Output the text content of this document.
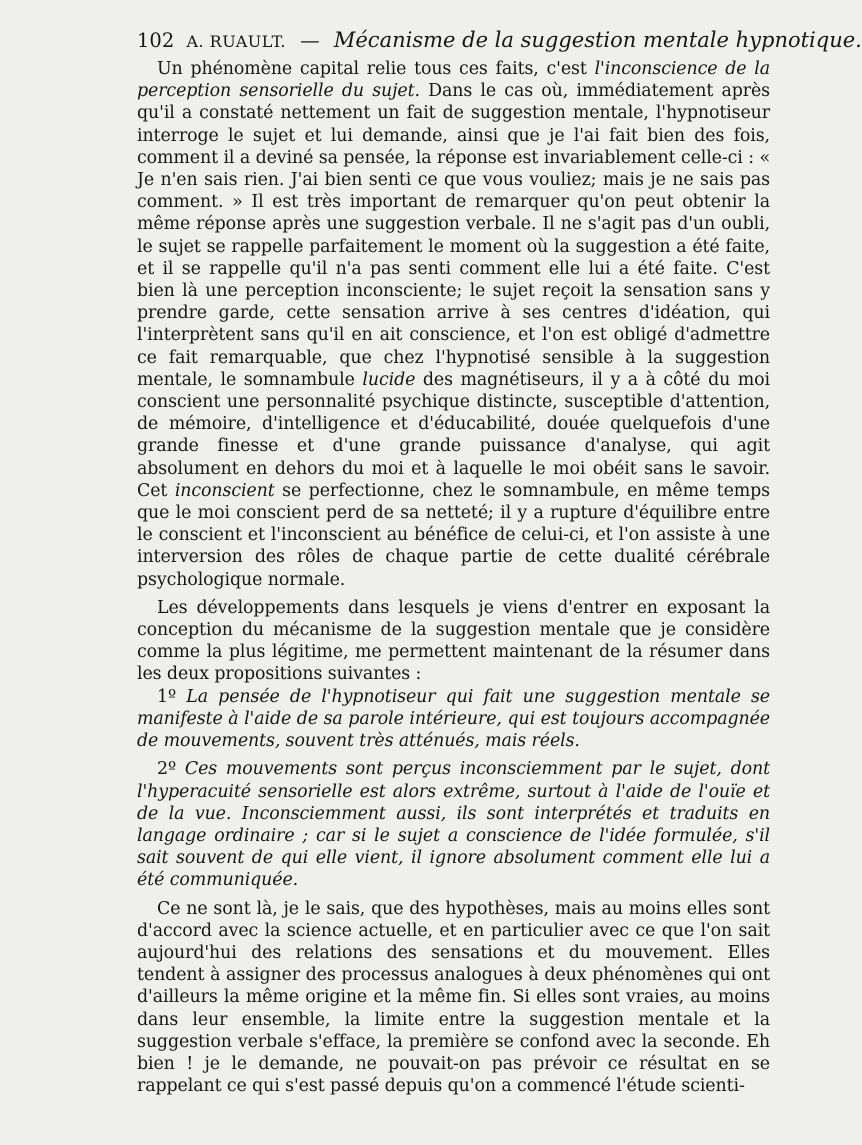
102 A. RUAULT. — Mécanisme de la suggestion mentale hypnotique.

Un phénomène capital relie tous ces faits, c'est l'inconscience de la perception sensorielle du sujet. Dans le cas où, immédiatement après qu'il a constaté nettement un fait de suggestion mentale, l'hypnotiseur interroge le sujet et lui demande, ainsi que je l'ai fait bien des fois, comment il a deviné sa pensée, la réponse est invariablement celle-ci : « Je n'en sais rien. J'ai bien senti ce que vous vouliez; mais je ne sais pas comment. » Il est très important de remarquer qu'on peut obtenir la même réponse après une suggestion verbale. Il ne s'agit pas d'un oubli, le sujet se rappelle parfaitement le moment où la suggestion a été faite, et il se rappelle qu'il n'a pas senti comment elle lui a été faite. C'est bien là une perception inconsciente; le sujet reçoit la sensation sans y prendre garde, cette sensation arrive à ses centres d'idéation, qui l'interprètent sans qu'il en ait conscience, et l'on est obligé d'admettre ce fait remarquable, que chez l'hypnotisé sensible à la suggestion mentale, le somnambule lucide des magnétiseurs, il y a à côté du moi conscient une personnalité psychique distincte, susceptible d'attention, de mémoire, d'intelligence et d'éducabilité, douée quelquefois d'une grande finesse et d'une grande puissance d'analyse, qui agit absolument en dehors du moi et à laquelle le moi obéit sans le savoir. Cet inconscient se perfectionne, chez le somnambule, en même temps que le moi conscient perd de sa netteté; il y a rupture d'équilibre entre le conscient et l'inconscient au bénéfice de celui-ci, et l'on assiste à une interversion des rôles de chaque partie de cette dualité cérébrale psychologique normale.

Les développements dans lesquels je viens d'entrer en exposant la conception du mécanisme de la suggestion mentale que je considère comme la plus légitime, me permettent maintenant de la résumer dans les deux propositions suivantes :

1º La pensée de l'hypnotiseur qui fait une suggestion mentale se manifeste à l'aide de sa parole intérieure, qui est toujours accompagnée de mouvements, souvent très atténués, mais réels.

2º Ces mouvements sont perçus inconsciemment par le sujet, dont l'hyperacuité sensorielle est alors extrême, surtout à l'aide de l'ouïe et de la vue. Inconsciemment aussi, ils sont interprétés et traduits en langage ordinaire ; car si le sujet a conscience de l'idée formulée, s'il sait souvent de qui elle vient, il ignore absolument comment elle lui a été communiquée.

Ce ne sont là, je le sais, que des hypothèses, mais au moins elles sont d'accord avec la science actuelle, et en particulier avec ce que l'on sait aujourd'hui des relations des sensations et du mouvement. Elles tendent à assigner des processus analogues à deux phénomènes qui ont d'ailleurs la même origine et la même fin. Si elles sont vraies, au moins dans leur ensemble, la limite entre la suggestion mentale et la suggestion verbale s'efface, la première se confond avec la seconde. Eh bien ! je le demande, ne pouvait-on pas prévoir ce résultat en se rappelant ce qui s'est passé depuis qu'on a commencé l'étude scienti-
